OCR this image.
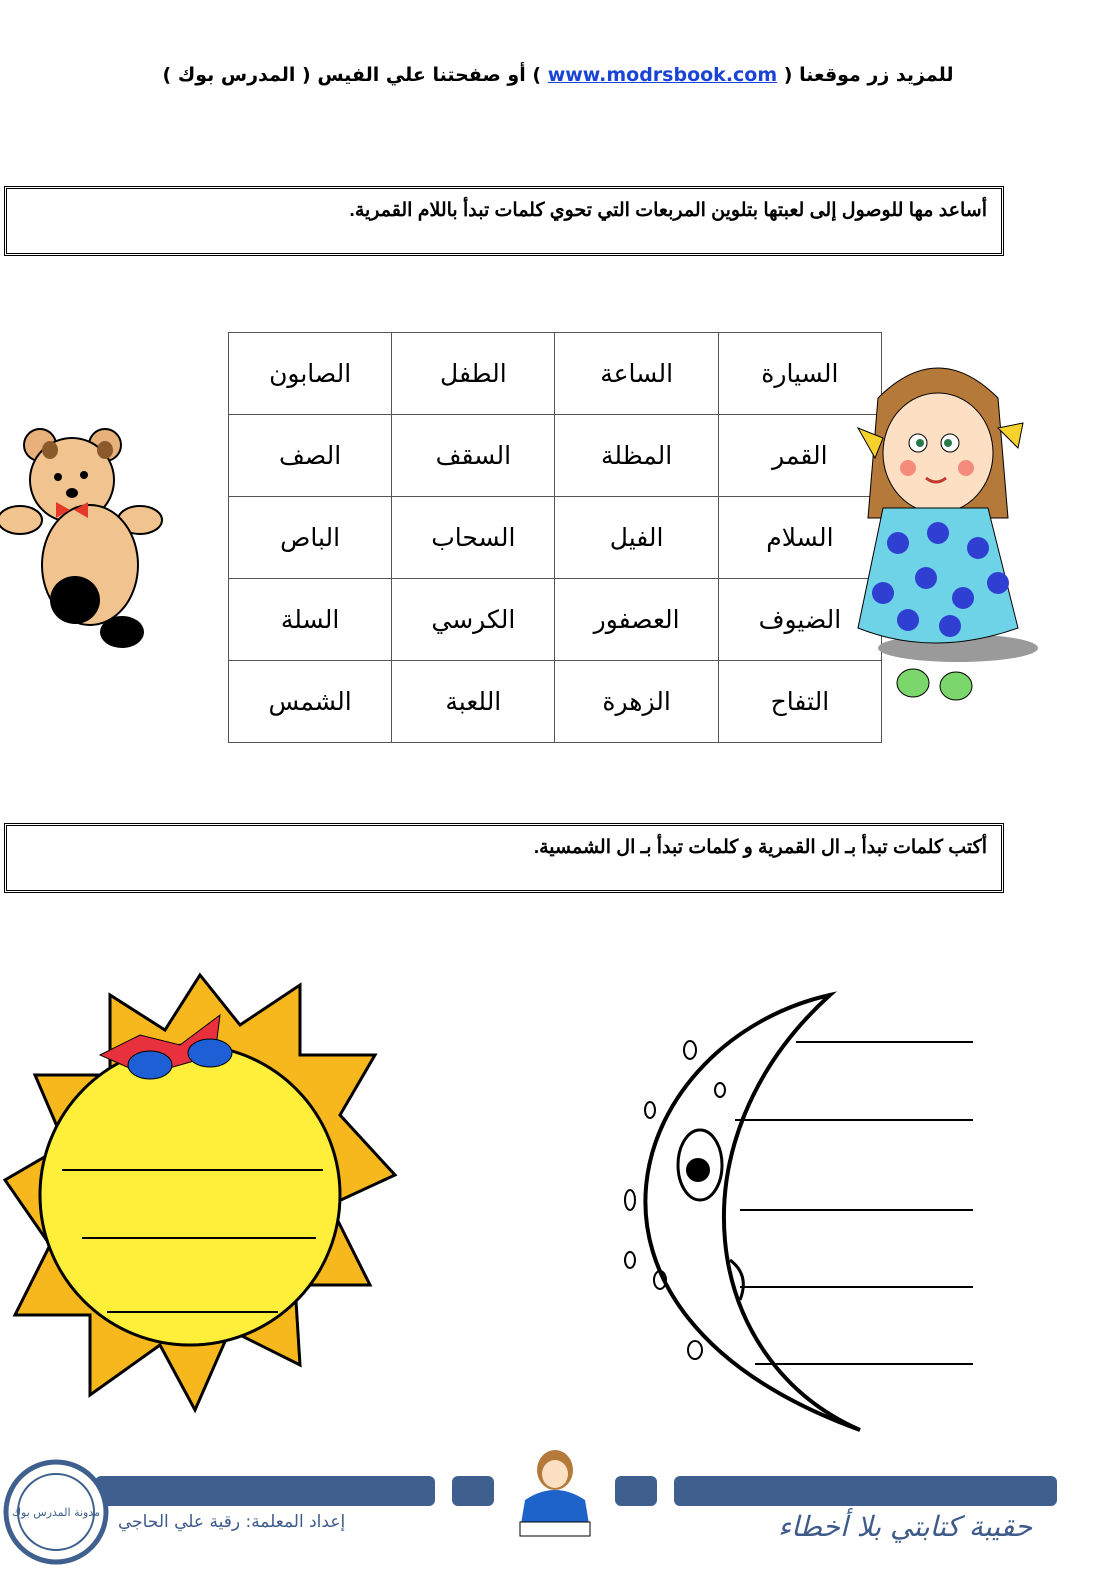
للمزيد زر موقعنا ( www.modrsbook.com ) أو صفحتنا علي الفيس ( المدرس بوك )
أساعد مها للوصول إلى لعبتها بتلوين المربعات التي تحوي كلمات تبدأ باللام القمرية.
الصابون	الطفل	الساعة	السيارة
الصف	السقف	المظلة	القمر
الباص	السحاب	الفيل	السلام
السلة	الكرسي	العصفور	الضيوف
الشمس	اللعبة	الزهرة	التفاح
أكتب كلمات تبدأ بـ ال القمرية و كلمات تبدأ بـ ال الشمسية.
مدونة المدرس بوك إعداد المعلمة: رقية علي الحاجي	حقيبة كتابتي بلا أخطاء
